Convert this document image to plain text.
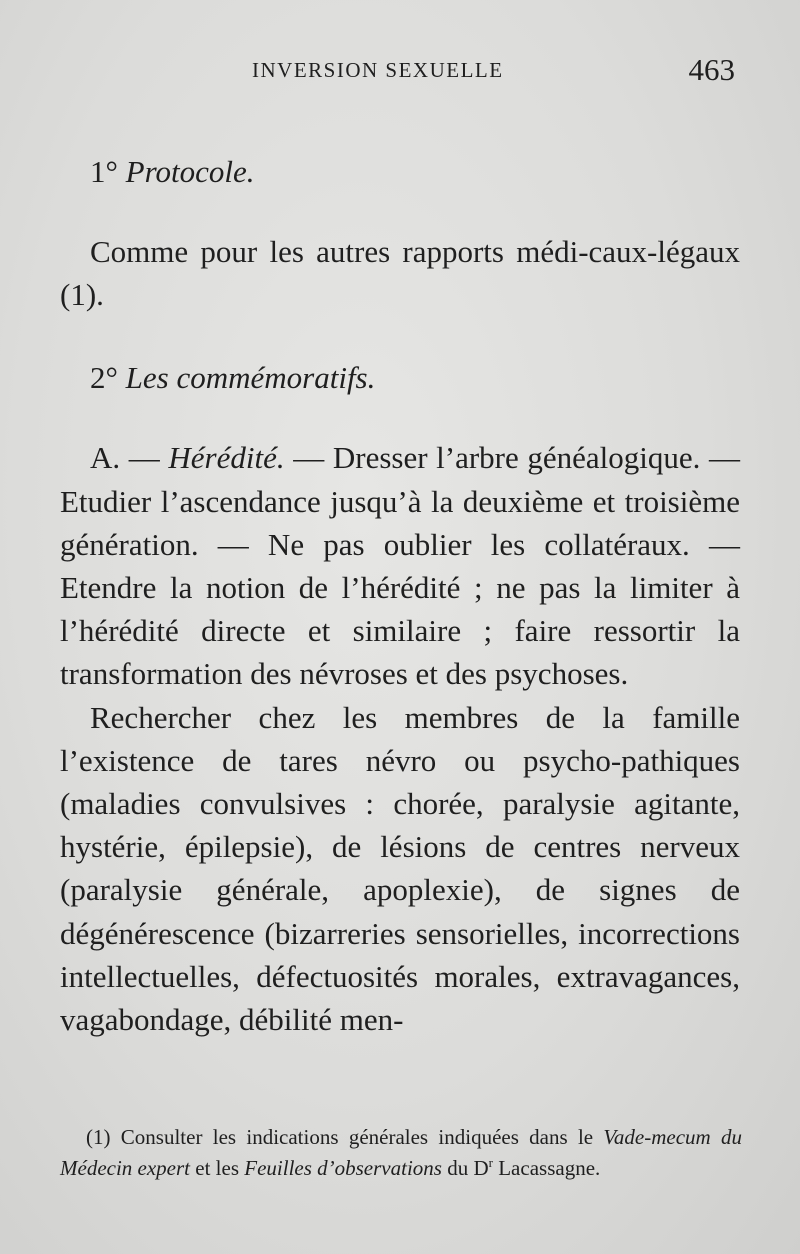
INVERSION SEXUELLE	463
1° Protocole.

Comme pour les autres rapports médi-caux-légaux (1).

2° Les commémoratifs.

A. — Hérédité. — Dresser l’arbre généalogique. — Etudier l’ascendance jusqu’à la deuxième et troisième génération. — Ne pas oublier les collatéraux. — Etendre la notion de l’hérédité ; ne pas la limiter à l’hérédité directe et similaire ; faire ressortir la transformation des névroses et des psychoses.

Rechercher chez les membres de la famille l’existence de tares névro ou psycho-pathiques (maladies convulsives : chorée, paralysie agitante, hystérie, épilepsie), de lésions de centres nerveux (paralysie générale, apoplexie), de signes de dégénérescence (bizarreries sensorielles, incorrections intellectuelles, défectuosités morales, extravagances, vagabondage, débilité men-

(1) Consulter les indications générales indiquées dans le Vade-mecum du Médecin expert et les Feuilles d’observations du $D^r$ Lacassagne.
